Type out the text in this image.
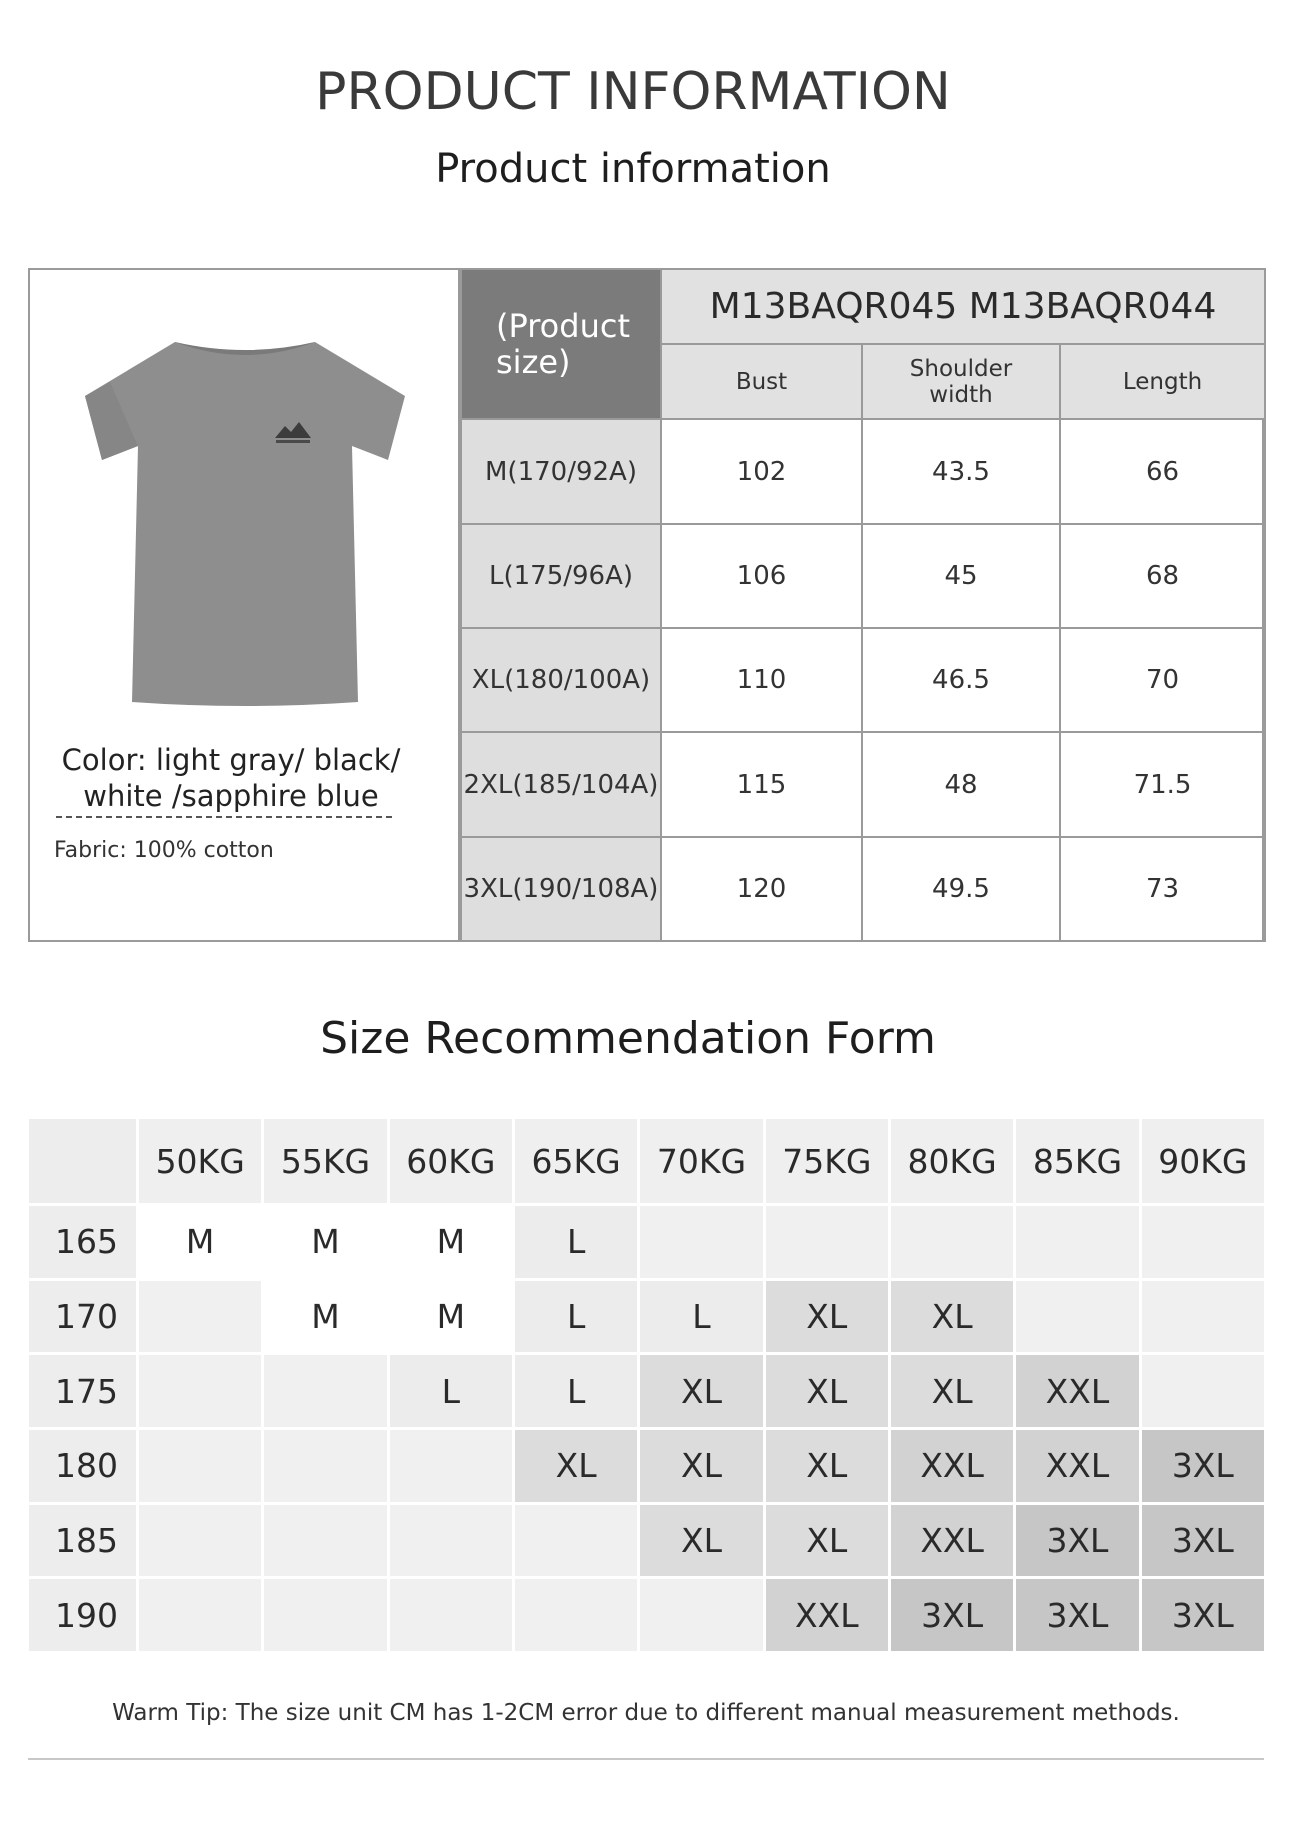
PRODUCT INFORMATION
Product information
Color: light gray/ black/
white /sapphire blue
Fabric: 100% cotton
(Product size)	M13BAQR045 M13BAQR044		
	Bust	Shoulder width	Length
M(170/92A)	102	43.5	66
L(175/96A)	106	45	68
XL(180/100A)	110	46.5	70
2XL(185/104A)	115	48	71.5
3XL(190/108A)	120	49.5	73
Size Recommendation Form
	50KG	55KG	60KG	65KG	70KG	75KG	80KG	85KG	90KG
165	M	M	M	L					
170		M	M	L	L	XL	XL		
175			L	L	XL	XL	XL	XXL	
180				XL	XL	XL	XXL	XXL	3XL
185					XL	XL	XXL	3XL	3XL
190						XXL	3XL	3XL	3XL
Warm Tip: The size unit CM has 1-2CM error due to different manual measurement methods.
